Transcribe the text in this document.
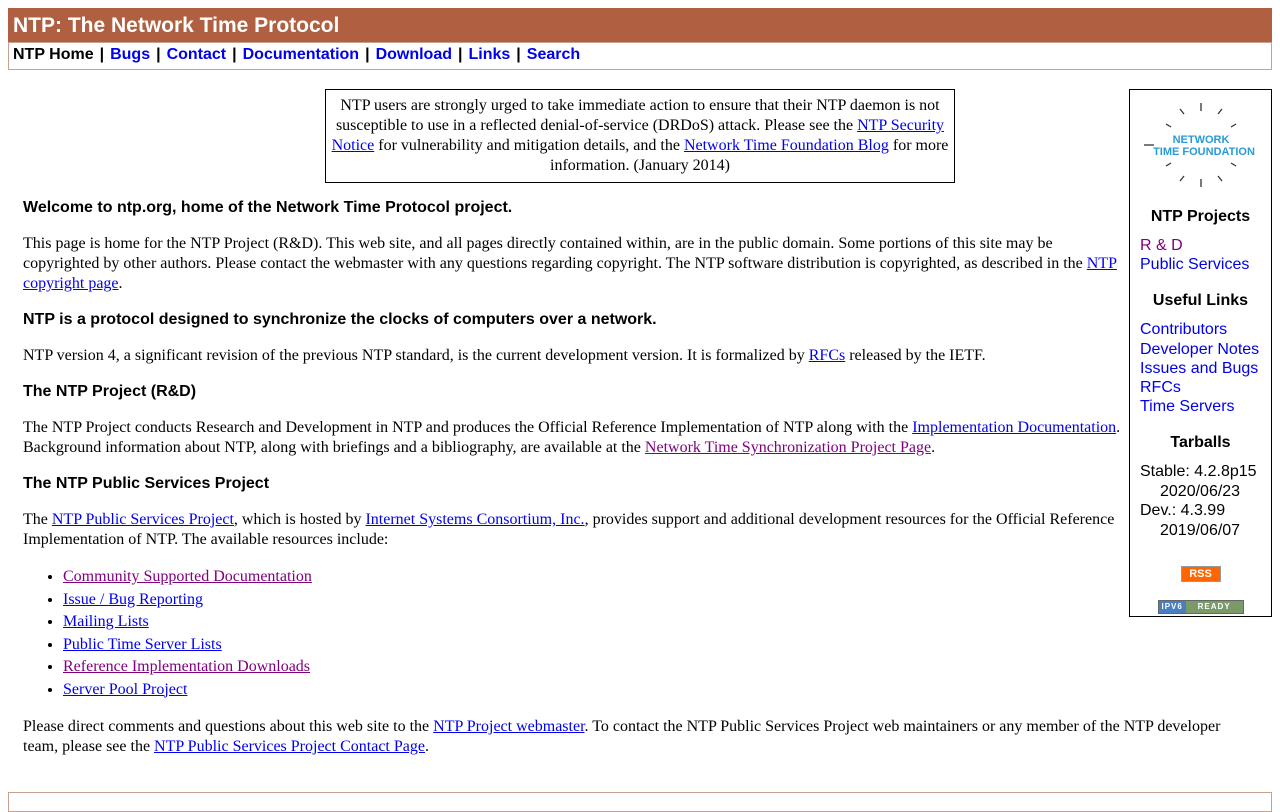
NTP: The Network Time Protocol
NTP Home | Bugs | Contact | Documentation | Download | Links | Search
NTP users are strongly urged to take immediate action to ensure that their NTP daemon is not susceptible to use in a reflected denial-of-service (DRDoS) attack. Please see the NTP Security Notice for vulnerability and mitigation details, and the Network Time Foundation Blog for more information. (January 2014)
Welcome to ntp.org, home of the Network Time Protocol project.

This page is home for the NTP Project (R&D). This web site, and all pages directly contained within, are in the public domain. Some portions of this site may be copyrighted by other authors. Please contact the webmaster with any questions regarding copyright. The NTP software distribution is copyrighted, as described in the NTP copyright page.

NTP is a protocol designed to synchronize the clocks of computers over a network.

NTP version 4, a significant revision of the previous NTP standard, is the current development version. It is formalized by RFCs released by the IETF.

The NTP Project (R&D)

The NTP Project conducts Research and Development in NTP and produces the Official Reference Implementation of NTP along with the Implementation Documentation. Background information about NTP, along with briefings and a bibliography, are available at the Network Time Synchronization Project Page.

The NTP Public Services Project

The NTP Public Services Project, which is hosted by Internet Systems Consortium, Inc., provides support and additional development resources for the Official Reference Implementation of NTP. The available resources include:

• Community Supported Documentation
• Issue / Bug Reporting
• Mailing Lists
• Public Time Server Lists
• Reference Implementation Downloads
• Server Pool Project

Please direct comments and questions about this web site to the NTP Project webmaster. To contact the NTP Public Services Project web maintainers or any member of the NTP developer team, please see the NTP Public Services Project Contact Page.

NETWORK
TIME FOUNDATION
NTP Projects
R & D
Public Services
Useful Links
Contributors
Developer Notes
Issues and Bugs
RFCs
Time Servers
Tarballs
Stable: 4.2.8p15
2020/06/23
Dev.: 4.3.99
2019/06/07
RSS
IPV6	READY
